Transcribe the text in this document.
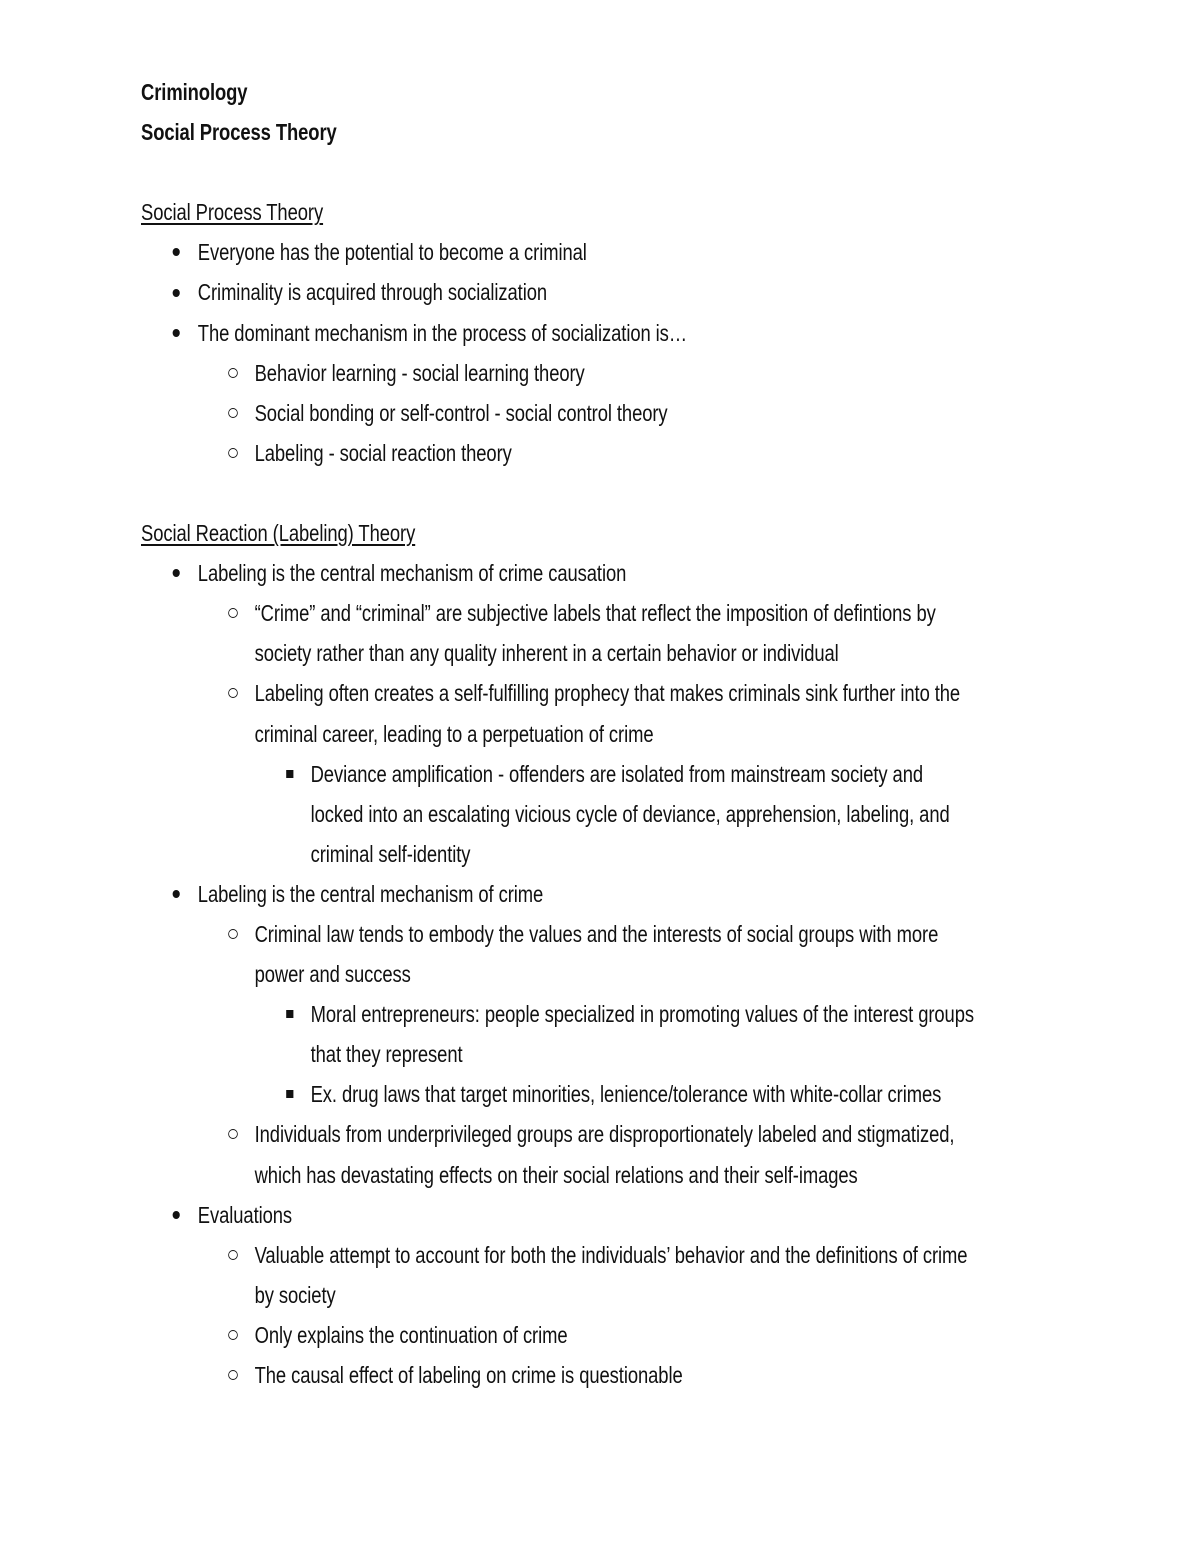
Criminology
Social Process Theory
Social Process Theory
Everyone has the potential to become a criminal
Criminality is acquired through socialization
The dominant mechanism in the process of socialization is…
Behavior learning - social learning theory
Social bonding or self-control - social control theory
Labeling - social reaction theory
Social Reaction (Labeling) Theory
Labeling is the central mechanism of crime causation
“Crime” and “criminal” are subjective labels that reflect the imposition of defintions by
society rather than any quality inherent in a certain behavior or individual
Labeling often creates a self-fulfilling prophecy that makes criminals sink further into the
criminal career, leading to a perpetuation of crime
Deviance amplification - offenders are isolated from mainstream society and
locked into an escalating vicious cycle of deviance, apprehension, labeling, and
criminal self-identity
Labeling is the central mechanism of crime
Criminal law tends to embody the values and the interests of social groups with more
power and success
Moral entrepreneurs: people specialized in promoting values of the interest groups
that they represent
Ex. drug laws that target minorities, lenience/tolerance with white-collar crimes
Individuals from underprivileged groups are disproportionately labeled and stigmatized,
which has devastating effects on their social relations and their self-images
Evaluations
Valuable attempt to account for both the individuals’ behavior and the definitions of crime
by society
Only explains the continuation of crime
The causal effect of labeling on crime is questionable
